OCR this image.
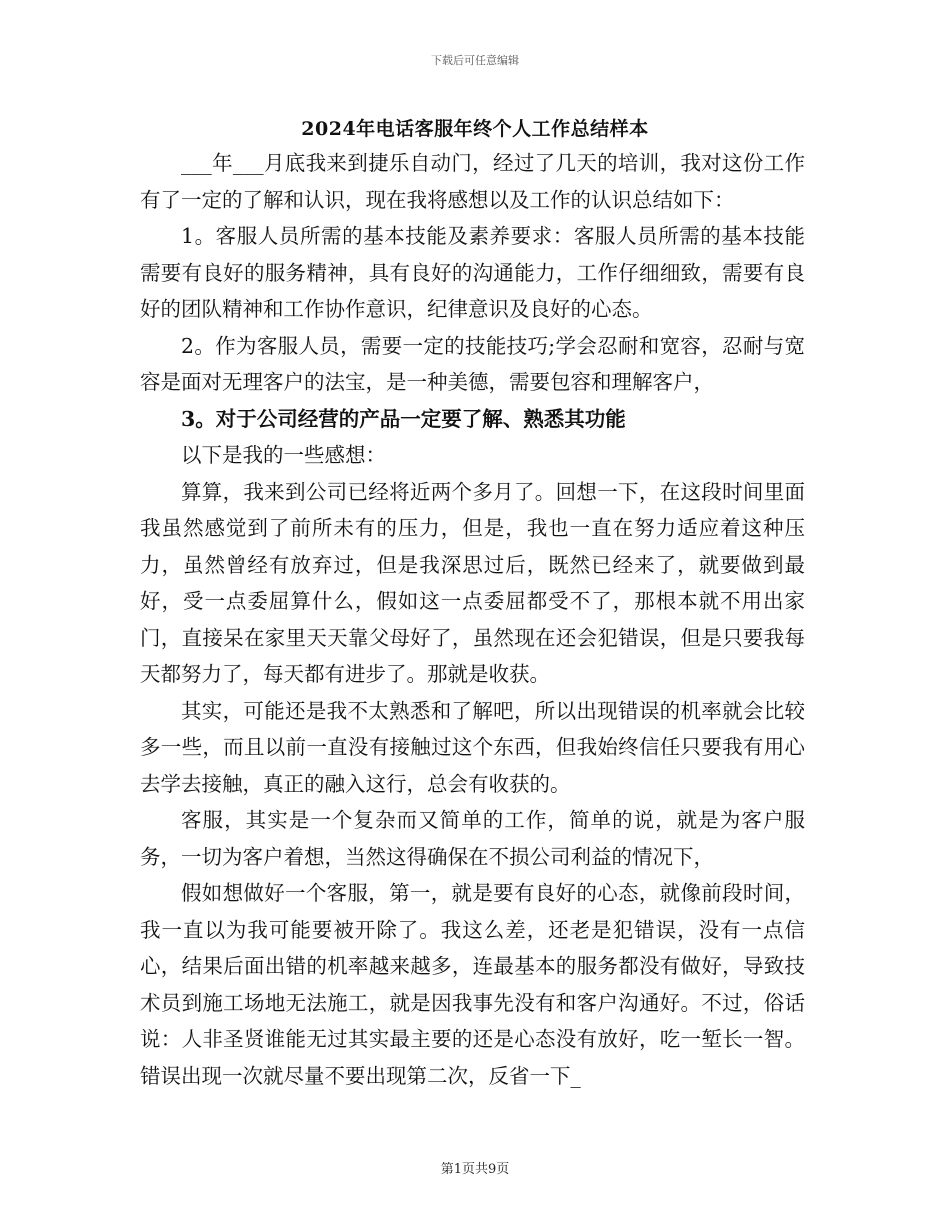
下载后可任意编辑
2024年电话客服年终个人工作总结样本

___年___月底我来到捷乐自动门，经过了几天的培训，我对这份工作有了一定的了解和认识，现在我将感想以及工作的认识总结如下：

1。客服人员所需的基本技能及素养要求：客服人员所需的基本技能需要有良好的服务精神，具有良好的沟通能力，工作仔细细致，需要有良好的团队精神和工作协作意识，纪律意识及良好的心态。

2。作为客服人员，需要一定的技能技巧;学会忍耐和宽容，忍耐与宽容是面对无理客户的法宝，是一种美德，需要包容和理解客户，

3。对于公司经营的产品一定要了解、熟悉其功能

以下是我的一些感想：

算算，我来到公司已经将近两个多月了。回想一下，在这段时间里面我虽然感觉到了前所未有的压力，但是，我也一直在努力适应着这种压力，虽然曾经有放弃过，但是我深思过后，既然已经来了，就要做到最好，受一点委屈算什么，假如这一点委屈都受不了，那根本就不用出家门，直接呆在家里天天靠父母好了，虽然现在还会犯错误，但是只要我每天都努力了，每天都有进步了。那就是收获。

其实，可能还是我不太熟悉和了解吧，所以出现错误的机率就会比较多一些，而且以前一直没有接触过这个东西，但我始终信任只要我有用心去学去接触，真正的融入这行，总会有收获的。

客服，其实是一个复杂而又简单的工作，简单的说，就是为客户服务，一切为客户着想，当然这得确保在不损公司利益的情况下，

假如想做好一个客服，第一，就是要有良好的心态，就像前段时间，我一直以为我可能要被开除了。我这么差，还老是犯错误，没有一点信心，结果后面出错的机率越来越多，连最基本的服务都没有做好，导致技术员到施工场地无法施工，就是因我事先没有和客户沟通好。不过，俗话说：人非圣贤谁能无过其实最主要的还是心态没有放好，吃一堑长一智。错误出现一次就尽量不要出现第二次，反省一下_

第1页共9页
